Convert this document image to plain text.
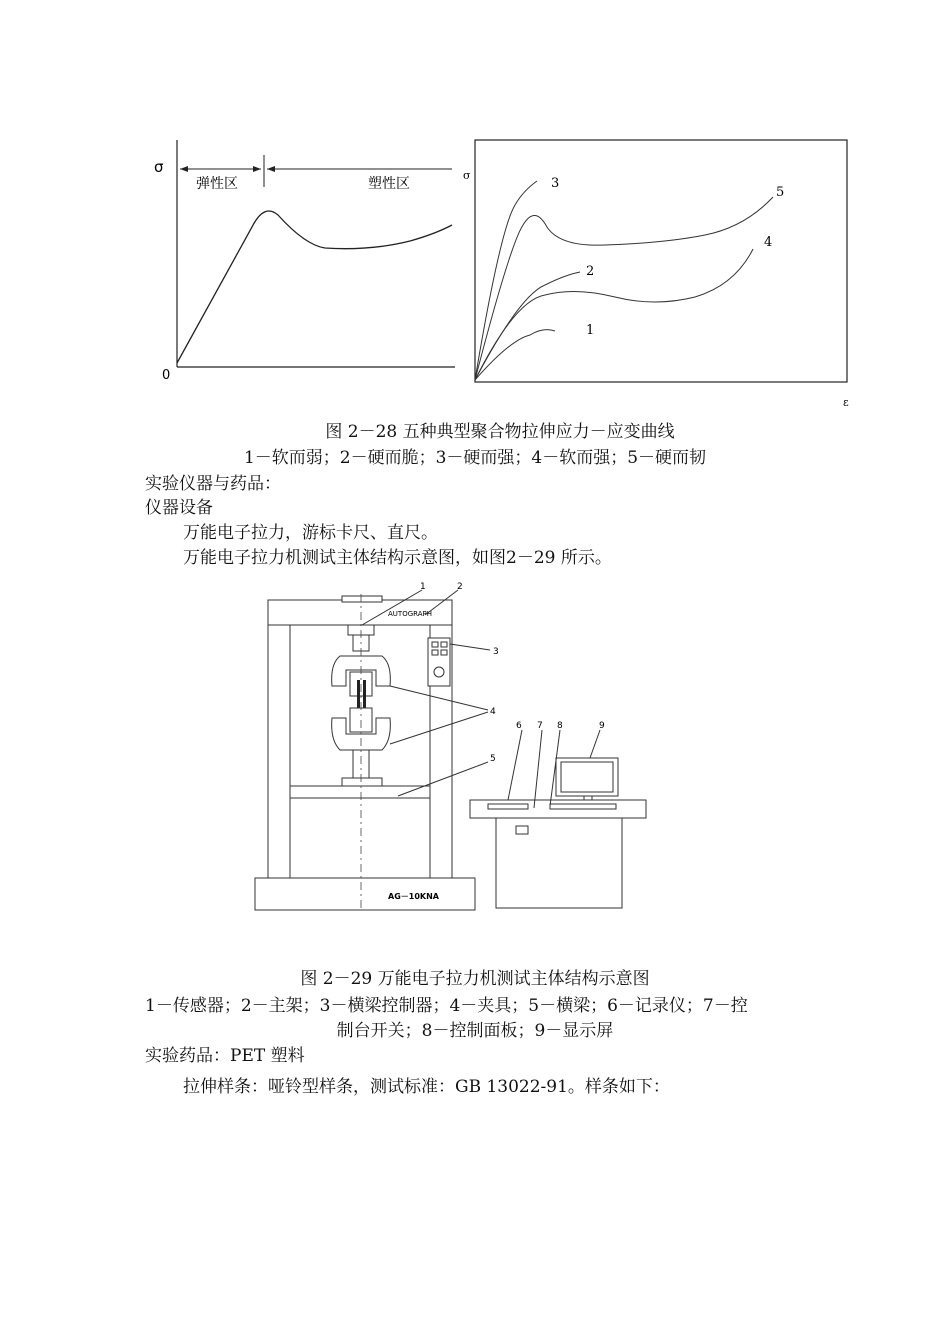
σ
0
弹性区	塑性区
σ
ε
1
2
3
4
5
图 2－28 五种典型聚合物拉伸应力－应变曲线
1－软而弱；2－硬而脆；3－硬而强；4－软而强；5－硬而韧
实验仪器与药品：
仪器设备
万能电子拉力，游标卡尺、直尺。
万能电子拉力机测试主体结构示意图，如图2－29 所示。
AUTOGRAPH
AG－10KNA
1	2
3
4
5
6 7 8	9
图 2－29 万能电子拉力机测试主体结构示意图
1－传感器；2－主架；3－横梁控制器；4－夹具；5－横梁；6－记录仪；7－控
制台开关；8－控制面板；9－显示屏
实验药品：PET 塑料
拉伸样条：哑铃型样条，测试标准：GB 13022-91。样条如下：
